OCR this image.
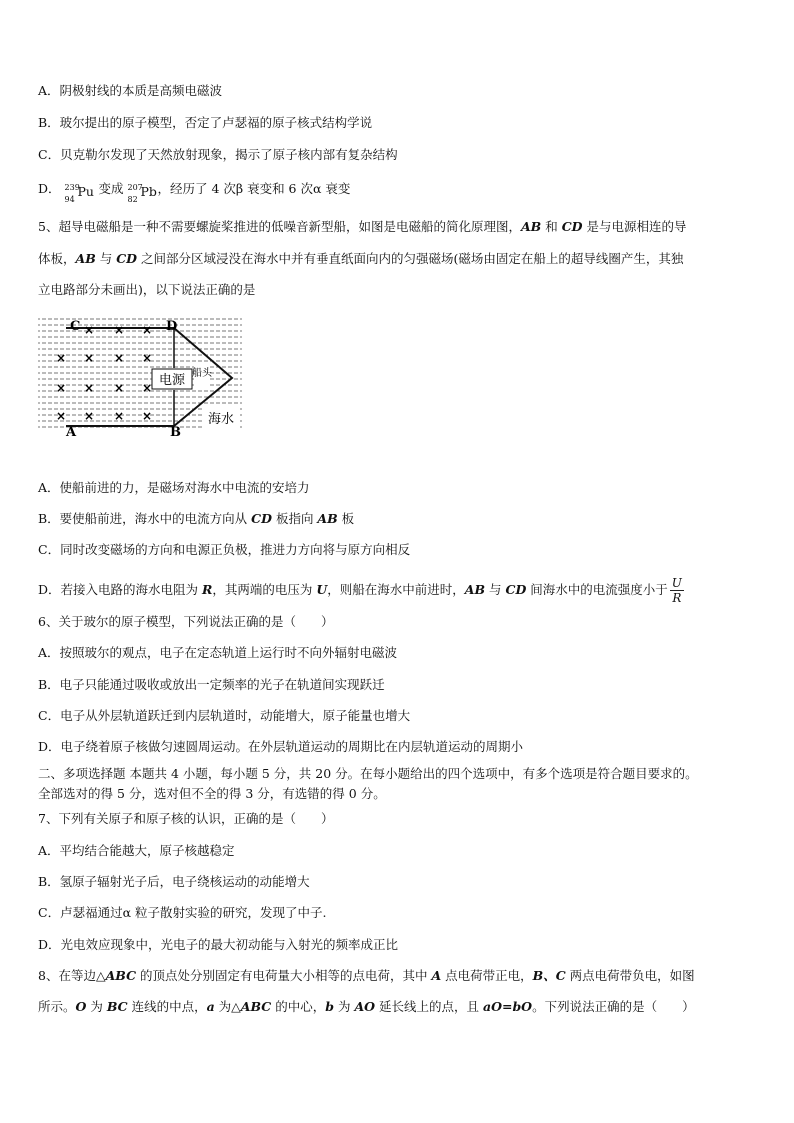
A．阴极射线的本质是高频电磁波
B．玻尔提出的原子模型，否定了卢瑟福的原子核式结构学说
C．贝克勒尔发现了天然放射现象，揭示了原子核内部有复杂结构
D． 239
94
Pu 变成 207
82
Pb ，经历了 4 次β 衰变和 6 次α 衰变
5、超导电磁船是一种不需要螺旋桨推进的低噪音新型船，如图是电磁船的简化原理图，AB 和 CD 是与电源相连的导
体板，AB 与 CD 之间部分区域浸没在海水中并有垂直纸面向内的匀强磁场(磁场由固定在船上的超导线圈产生，其独
立电路部分未画出)，以下说法正确的是
电源 船头
海水
C	D
A	B
× × ×
× × × ×
× × × ×
× × × ×
A．使船前进的力，是磁场对海水中电流的安培力
B．要使船前进，海水中的电流方向从 CD 板指向 AB 板
C．同时改变磁场的方向和电源正负极，推进力方向将与原方向相反
D．若接入电路的海水电阻为 R，其两端的电压为 U，则船在海水中前进时，AB 与 CD 间海水中的电流强度小于 $\frac{U}{R}$
6、关于玻尔的原子模型，下列说法正确的是（　　）
A．按照玻尔的观点，电子在定态轨道上运行时不向外辐射电磁波
B．电子只能通过吸收或放出一定频率的光子在轨道间实现跃迁
C．电子从外层轨道跃迁到内层轨道时，动能增大，原子能量也增大
D．电子绕着原子核做匀速圆周运动。在外层轨道运动的周期比在内层轨道运动的周期小
二、多项选择题 本题共 4 小题，每小题 5 分，共 20 分。在每小题给出的四个选项中，有多个选项是符合题目要求的。
全部选对的得 5 分，选对但不全的得 3 分，有选错的得 0 分。
7、下列有关原子和原子核的认识，正确的是（　　）
A．平均结合能越大，原子核越稳定
B．氢原子辐射光子后，电子绕核运动的动能增大
C．卢瑟福通过α 粒子散射实验的研究，发现了中子.
D．光电效应现象中，光电子的最大初动能与入射光的频率成正比
8、在等边△ABC 的顶点处分别固定有电荷量大小相等的点电荷，其中 A 点电荷带正电，B、C 两点电荷带负电，如图
所示。O 为 BC 连线的中点，a 为△ABC 的中心，b 为 AO 延长线上的点，且 aO=bO。下列说法正确的是（　　）
